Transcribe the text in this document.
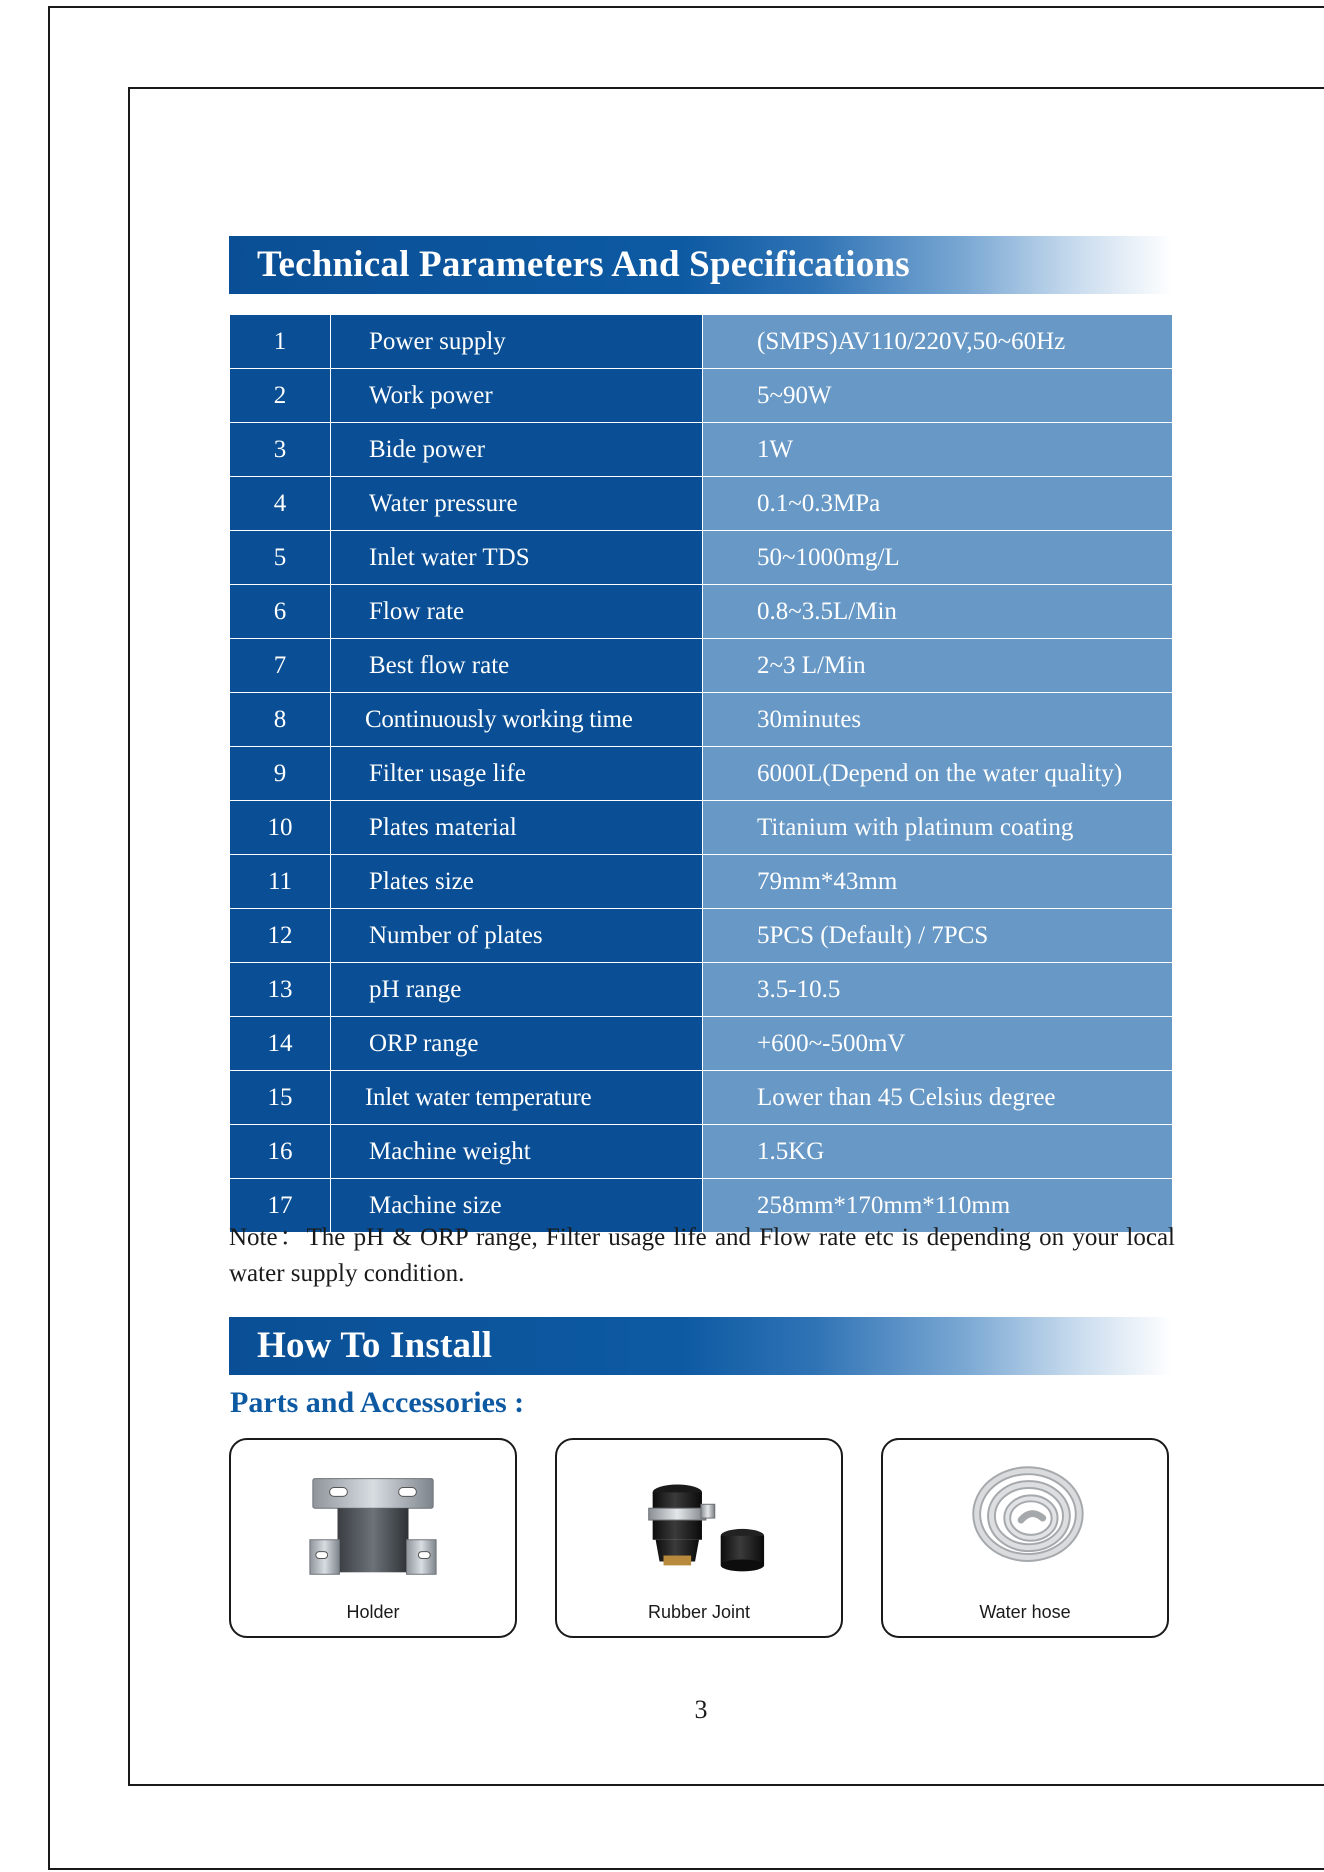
Technical Parameters And Specifications
1	Power supply	(SMPS)AV110/220V,50~60Hz
2	Work power	5~90W
3	Bide power	1W
4	Water pressure	0.1~0.3MPa
5	Inlet water TDS	50~1000mg/L
6	Flow rate	0.8~3.5L/Min
7	Best flow rate	2~3 L/Min
8	Continuously working time	30minutes
9	Filter usage life	6000L(Depend on the water quality)
10	Plates material	Titanium with platinum coating
11	Plates size	79mm*43mm
12	Number of plates	5PCS (Default) / 7PCS
13	pH range	3.5-10.5
14	ORP range	+600~-500mV
15	Inlet water temperature	Lower than 45 Celsius degree
16	Machine weight	1.5KG
17	Machine size	258mm*170mm*110mm
Note：The pH & ORP range, Filter usage life and Flow rate etc is depending on your local water supply condition.
How To Install
Parts and Accessories :
Holder	Rubber Joint	Water hose
3
